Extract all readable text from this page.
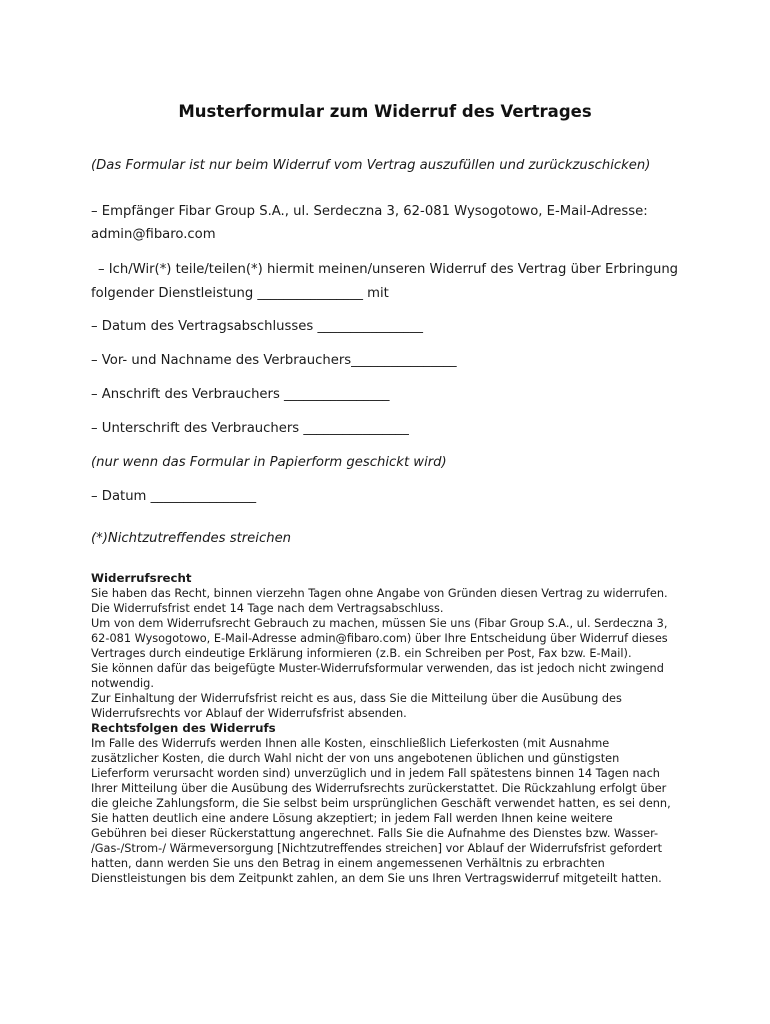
Musterformular zum Widerruf des Vertrages
(Das Formular ist nur beim Widerruf vom Vertrag auszufüllen und zurückzuschicken)
– Empfänger Fibar Group S.A., ul. Serdeczna 3, 62-081 Wysogotowo, E-Mail-Adresse:
admin@fibaro.com
– Ich/Wir(*) teile/teilen(*) hiermit meinen/unseren Widerruf des Vertrag über Erbringung
folgender Dienstleistung ________________ mit
– Datum des Vertragsabschlusses ________________
– Vor- und Nachname des Verbrauchers________________
– Anschrift des Verbrauchers ________________
– Unterschrift des Verbrauchers ________________
(nur wenn das Formular in Papierform geschickt wird)
– Datum ________________
(*)Nichtzutreffendes streichen
Widerrufsrecht
Sie haben das Recht, binnen vierzehn Tagen ohne Angabe von Gründen diesen Vertrag zu widerrufen.
Die Widerrufsfrist endet 14 Tage nach dem Vertragsabschluss.
Um von dem Widerrufsrecht Gebrauch zu machen, müssen Sie uns (Fibar Group S.A., ul. Serdeczna 3,
62-081 Wysogotowo, E-Mail-Adresse admin@fibaro.com) über Ihre Entscheidung über Widerruf dieses
Vertrages durch eindeutige Erklärung informieren (z.B. ein Schreiben per Post, Fax bzw. E-Mail).
Sie können dafür das beigefügte Muster-Widerrufsformular verwenden, das ist jedoch nicht zwingend
notwendig.
Zur Einhaltung der Widerrufsfrist reicht es aus, dass Sie die Mitteilung über die Ausübung des
Widerrufsrechts vor Ablauf der Widerrufsfrist absenden.
Rechtsfolgen des Widerrufs
Im Falle des Widerrufs werden Ihnen alle Kosten, einschließlich Lieferkosten (mit Ausnahme
zusätzlicher Kosten, die durch Wahl nicht der von uns angebotenen üblichen und günstigsten
Lieferform verursacht worden sind) unverzüglich und in jedem Fall spätestens binnen 14 Tagen nach
Ihrer Mitteilung über die Ausübung des Widerrufsrechts zurückerstattet. Die Rückzahlung erfolgt über
die gleiche Zahlungsform, die Sie selbst beim ursprünglichen Geschäft verwendet hatten, es sei denn,
Sie hatten deutlich eine andere Lösung akzeptiert; in jedem Fall werden Ihnen keine weitere
Gebühren bei dieser Rückerstattung angerechnet. Falls Sie die Aufnahme des Dienstes bzw. Wasser-
/Gas-/Strom-/ Wärmeversorgung [Nichtzutreffendes streichen] vor Ablauf der Widerrufsfrist gefordert
hatten, dann werden Sie uns den Betrag in einem angemessenen Verhältnis zu erbrachten
Dienstleistungen bis dem Zeitpunkt zahlen, an dem Sie uns Ihren Vertragswiderruf mitgeteilt hatten.
